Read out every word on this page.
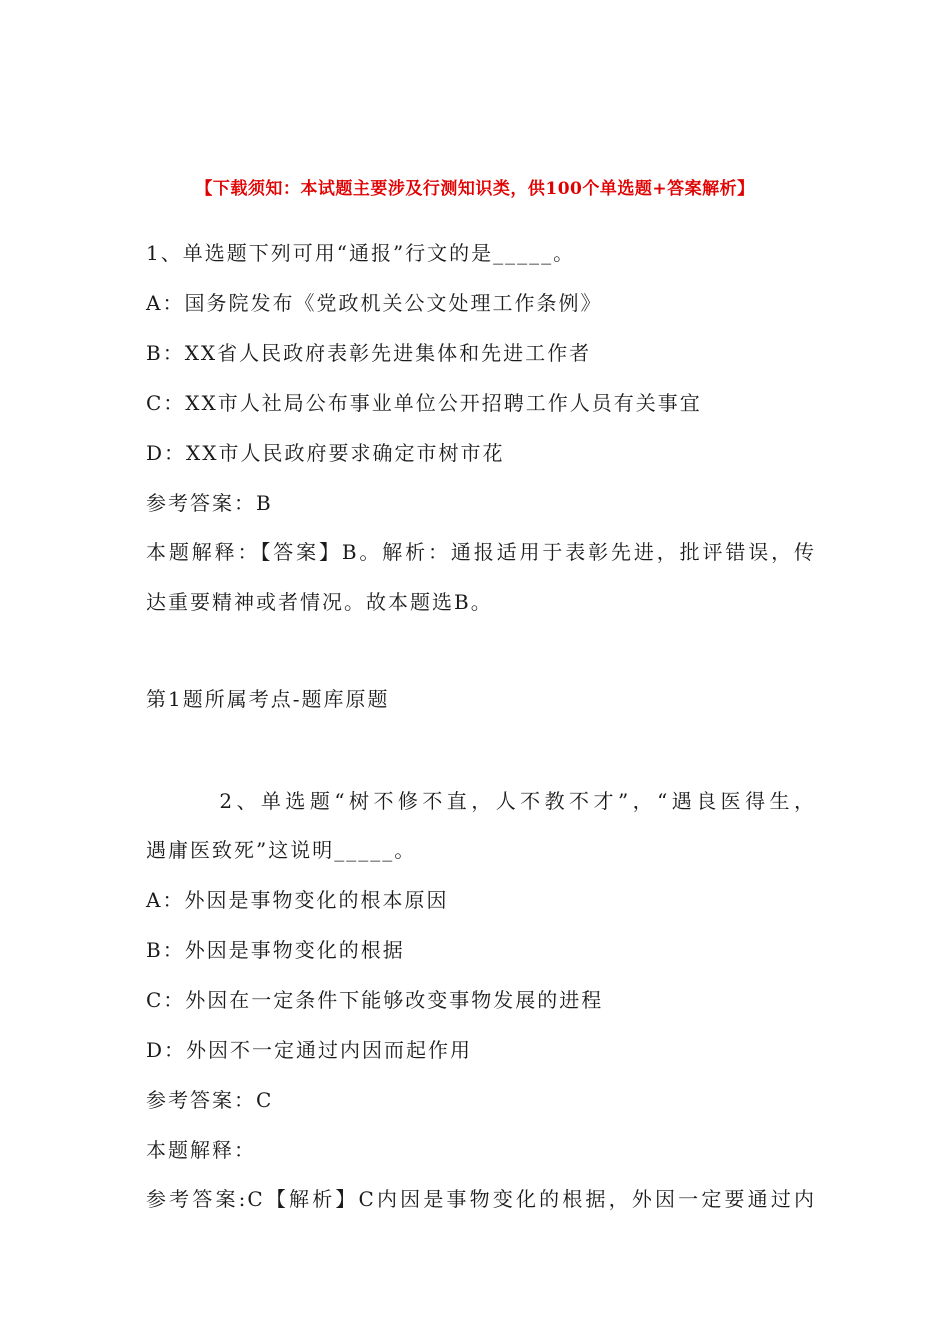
【下载须知：本试题主要涉及行测知识类，供100个单选题+答案解析】
1、单选题下列可用“通报”行文的是_____。
A：国务院发布《党政机关公文处理工作条例》
B：XX省人民政府表彰先进集体和先进工作者
C：XX市人社局公布事业单位公开招聘工作人员有关事宜
D：XX市人民政府要求确定市树市花
参考答案：B
本题解释：【答案】B。解析：通报适用于表彰先进，批评错误，传
达重要精神或者情况。故本题选B。
第1题所属考点-题库原题
　　　2、单选题“树不修不直，人不教不才”，“遇良医得生，
遇庸医致死”这说明_____。
A：外因是事物变化的根本原因
B：外因是事物变化的根据
C：外因在一定条件下能够改变事物发展的进程
D：外因不一定通过内因而起作用
参考答案：C
本题解释：
参考答案:C【解析】C内因是事物变化的根据，外因一定要通过内
